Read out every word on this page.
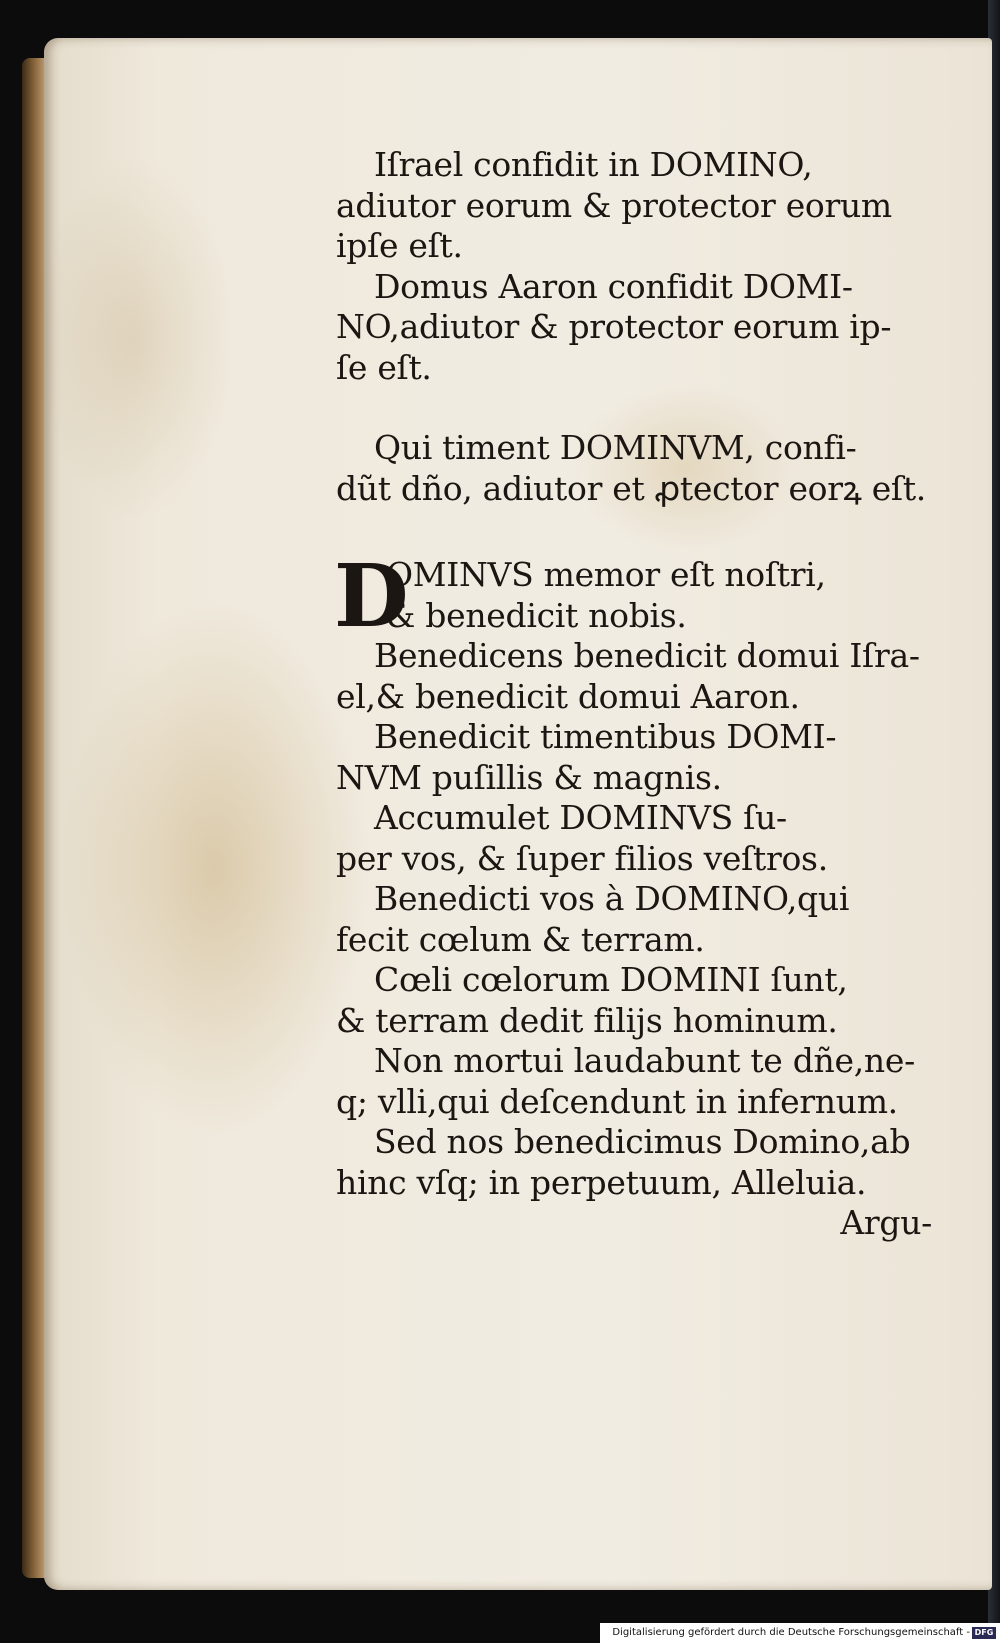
Iſrael confidit in DOMINO,
adiutor eorum & protector eorum
ipſe eſt.
Domus Aaron confidit DOMI-
NO,adiutor & protector eorum ip-
ſe eſt.
Qui timent DOMINVM, confi-
dũt dño, adiutor et ꝓtector eorꝝ eſt.
D
OMINVS memor eſt noſtri,
& benedicit nobis.
Benedicens benedicit domui Iſra-
el,& benedicit domui Aaron.
Benedicit timentibus DOMI-
NVM puſillis & magnis.
Accumulet DOMINVS ſu-
per vos, & ſuper filios veſtros.
Benedicti vos à DOMINO,qui
fecit cœlum & terram.
Cœli cœlorum DOMINI ſunt,
& terram dedit filijs hominum.
Non mortui laudabunt te dñe,ne-
q; vlli,qui deſcendunt in infernum.
Sed nos benedicimus Domino,ab
hinc vſq; in perpetuum, Alleluia.
Argu-
Digitalisierung gefördert durch die Deutsche Forschungsgemeinschaft - DFG
